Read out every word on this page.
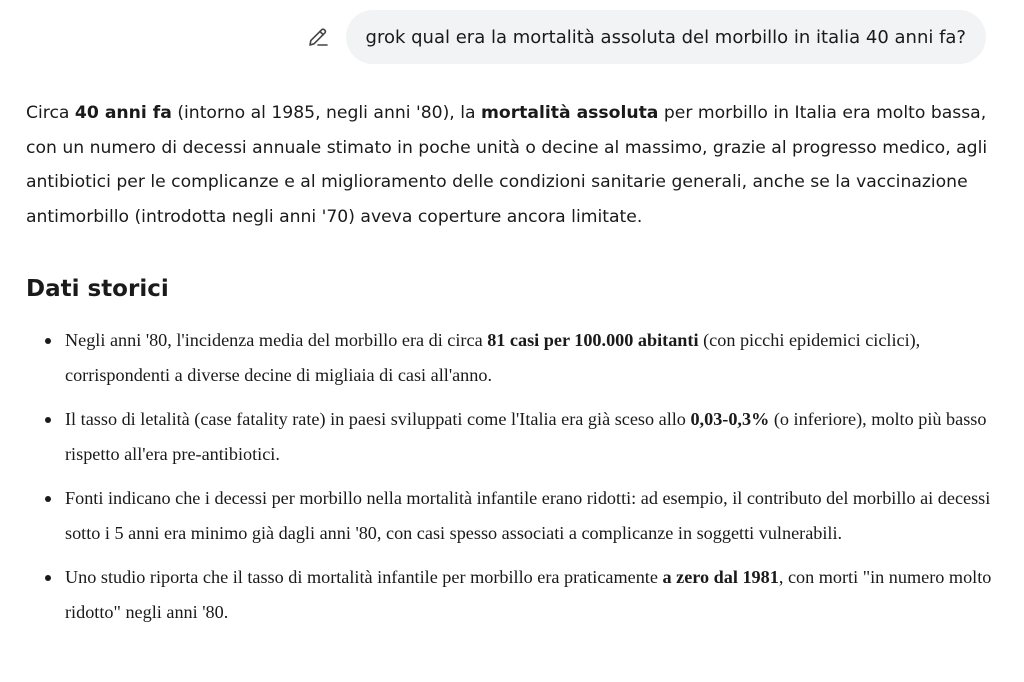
grok qual era la mortalità assoluta del morbillo in italia 40 anni fa?

Circa 40 anni fa (intorno al 1985, negli anni '80), la mortalità assoluta per morbillo in Italia era molto bassa, con un numero di decessi annuale stimato in poche unità o decine al massimo, grazie al progresso medico, agli antibiotici per le complicanze e al miglioramento delle condizioni sanitarie generali, anche se la vaccinazione antimorbillo (introdotta negli anni '70) aveva coperture ancora limitate.

Dati storici
Negli anni '80, l'incidenza media del morbillo era di circa 81 casi per 100.000 abitanti (con picchi epidemici ciclici), corrispondenti a diverse decine di migliaia di casi all'anno.
Il tasso di letalità (case fatality rate) in paesi sviluppati come l'Italia era già sceso allo 0,03-0,3% (o inferiore), molto più basso rispetto all'era pre-antibiotici.
Fonti indicano che i decessi per morbillo nella mortalità infantile erano ridotti: ad esempio, il contributo del morbillo ai decessi sotto i 5 anni era minimo già dagli anni '80, con casi spesso associati a complicanze in soggetti vulnerabili.
Uno studio riporta che il tasso di mortalità infantile per morbillo era praticamente a zero dal 1981, con morti "in numero molto ridotto" negli anni '80.
